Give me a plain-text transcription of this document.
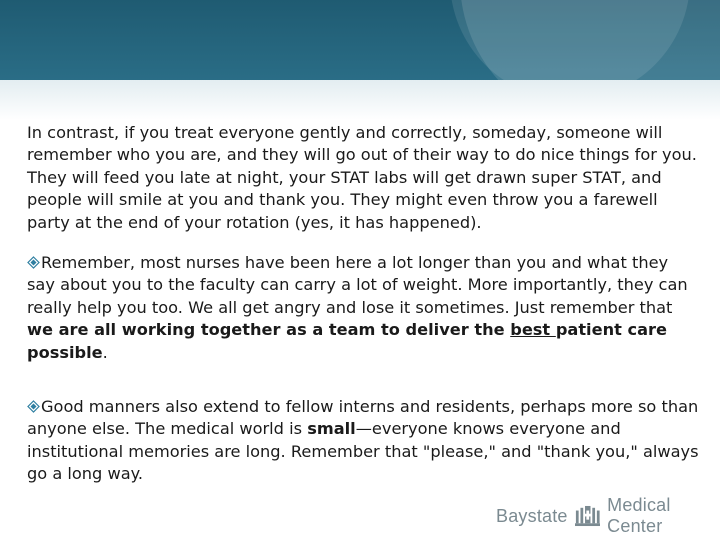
In contrast, if you treat everyone gently and correctly, someday, someone will remember who you are, and they will go out of their way to do nice things for you. They will feed you late at night, your STAT labs will get drawn super STAT, and people will smile at you and thank you. They might even throw you a farewell party at the end of your rotation (yes, it has happened).

Remember, most nurses have been here a lot longer than you and what they say about you to the faculty can carry a lot of weight. More importantly, they can really help you too. We all get angry and lose it sometimes. Just remember that we are all working together as a team to deliver the best patient care possible.

Good manners also extend to fellow interns and residents, perhaps more so than anyone else. The medical world is small—everyone knows everyone and institutional memories are long. Remember that "please," and "thank you," always go a long way.

Baystate
Medical Center
